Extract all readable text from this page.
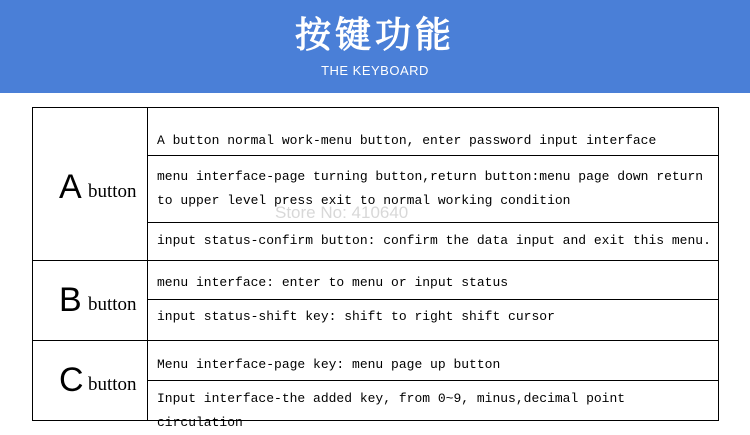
按键功能
THE KEYBOARD
A button
A button normal work-menu button, enter password input interface
menu interface-page turning button,return button:menu page down return to upper level press exit to normal working condition
input status-confirm button: confirm the data input and exit this menu.
B button
menu interface: enter to menu or input status
input status-shift key: shift to right shift cursor
C button
Menu interface-page key: menu page up button
Input interface-the added key, from 0~9, minus,decimal point circulation
Store No: 410640
